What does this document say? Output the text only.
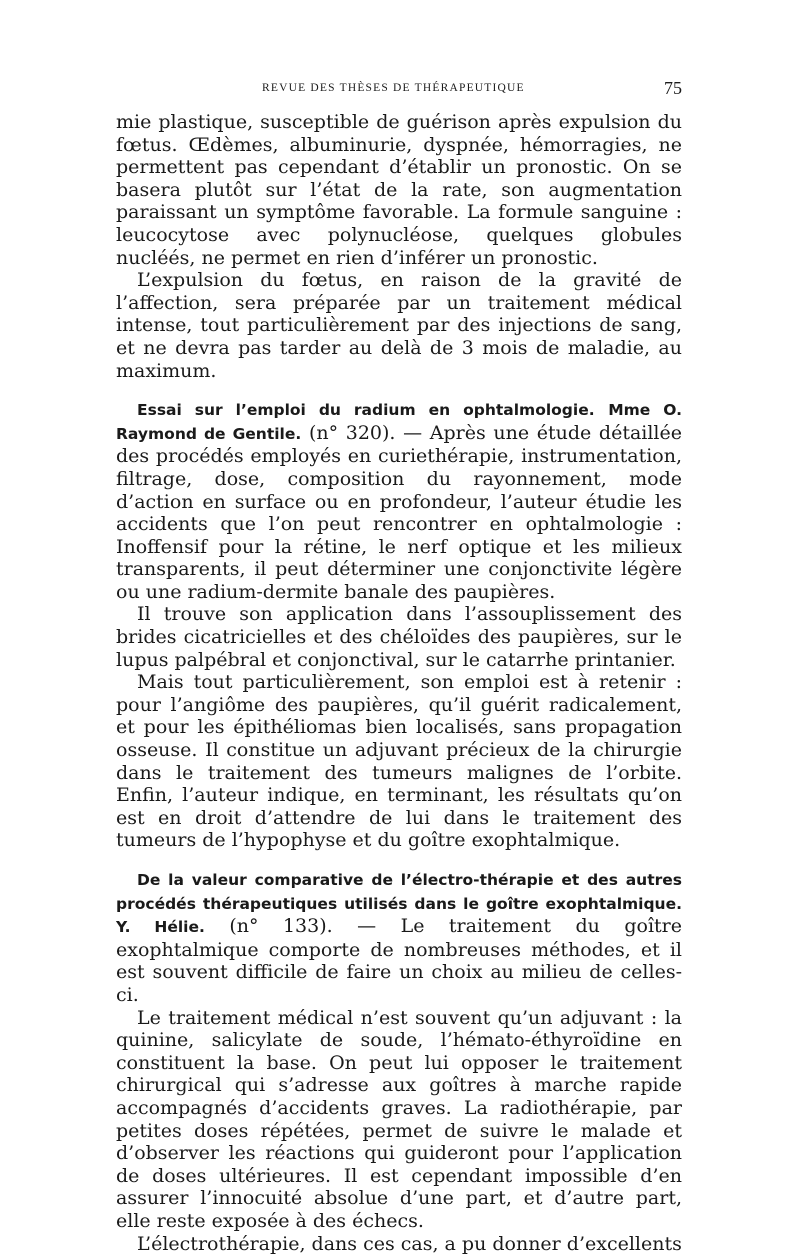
REVUE DES THÈSES DE THÉRAPEUTIQUE	75

mie plastique, susceptible de guérison après expulsion du fœtus. Œdèmes, albuminurie, dyspnée, hémorragies, ne permettent pas cependant d’établir un pronostic. On se basera plutôt sur l’état de la rate, son augmentation paraissant un symptôme favorable. La formule sanguine : leucocytose avec polynucléose, quelques globules nucléés, ne permet en rien d’inférer un pronostic.

L’expulsion du fœtus, en raison de la gravité de l’affection, sera préparée par un traitement médical intense, tout particulièrement par des injections de sang, et ne devra pas tarder au delà de 3 mois de maladie, au maximum.

Essai sur l’emploi du radium en ophtalmologie. Mme O. Raymond de Gentile. (n° 320). — Après une étude détaillée des procédés employés en curiethérapie, instrumentation, filtrage, dose, composition du rayonnement, mode d’action en surface ou en profondeur, l’auteur étudie les accidents que l’on peut rencontrer en ophtalmologie : Inoffensif pour la rétine, le nerf optique et les milieux transparents, il peut déterminer une conjonctivite légère ou une radium-dermite banale des paupières.

Il trouve son application dans l’assouplissement des brides cicatricielles et des chéloïdes des paupières, sur le lupus palpébral et conjonctival, sur le catarrhe printanier.

Mais tout particulièrement, son emploi est à retenir : pour l’angiôme des paupières, qu’il guérit radicalement, et pour les épithéliomas bien localisés, sans propagation osseuse. Il constitue un adjuvant précieux de la chirurgie dans le traitement des tumeurs malignes de l’orbite. Enfin, l’auteur indique, en terminant, les résultats qu’on est en droit d’attendre de lui dans le traitement des tumeurs de l’hypophyse et du goître exophtalmique.

De la valeur comparative de l’électro-thérapie et des autres procédés thérapeutiques utilisés dans le goître exophtalmique. Y. Hélie. (n° 133). — Le traitement du goître exophtalmique comporte de nombreuses méthodes, et il est souvent difficile de faire un choix au milieu de celles-ci.

Le traitement médical n’est souvent qu’un adjuvant : la quinine, salicylate de soude, l’hémato-éthyroïdine en constituent la base. On peut lui opposer le traitement chirurgical qui s’adresse aux goîtres à marche rapide accompagnés d’accidents graves. La radiothérapie, par petites doses répétées, permet de suivre le malade et d’observer les réactions qui guideront pour l’application de doses ultérieures. Il est cependant impossible d’en assurer l’innocuité absolue d’une part, et d’autre part, elle reste exposée à des échecs.

L’électrothérapie, dans ces cas, a pu donner d’excellents
